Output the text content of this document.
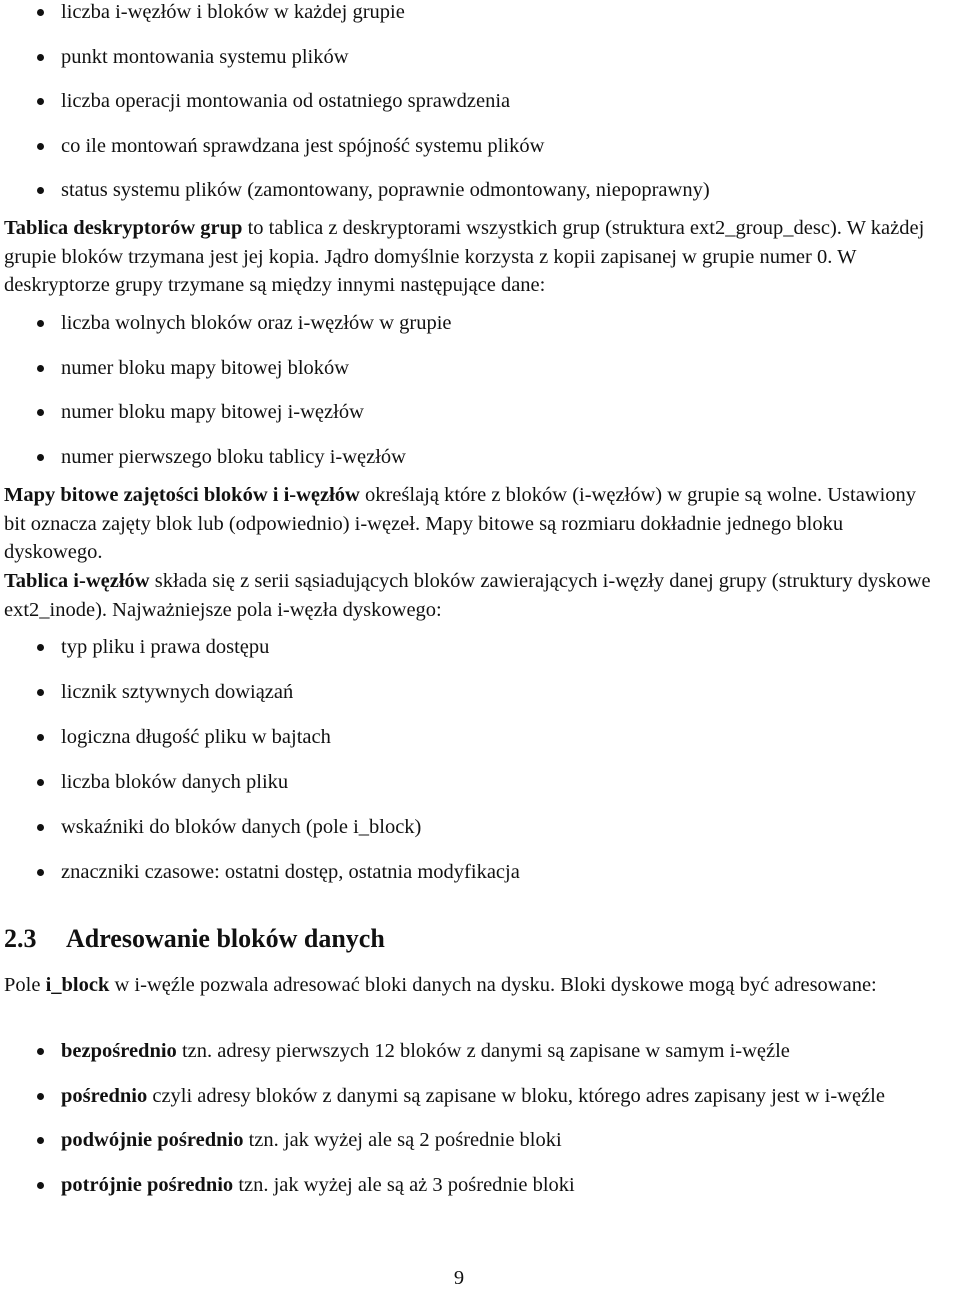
liczba i-węzłów i bloków w każdej grupie
punkt montowania systemu plików
liczba operacji montowania od ostatniego sprawdzenia
co ile montowań sprawdzana jest spójność systemu plików
status systemu plików (zamontowany, poprawnie odmontowany, niepoprawny)

Tablica deskryptorów grup to tablica z deskryptorami wszystkich grup (struktura ext2_group_desc). W każdej grupie bloków trzymana jest jej kopia. Jądro domyślnie korzysta z kopii zapisanej w grupie numer 0. W deskryptorze grupy trzymane są między innymi następujące dane:

liczba wolnych bloków oraz i-węzłów w grupie
numer bloku mapy bitowej bloków
numer bloku mapy bitowej i-węzłów
numer pierwszego bloku tablicy i-węzłów

Mapy bitowe zajętości bloków i i-węzłów określają które z bloków (i-węzłów) w grupie są wolne. Ustawiony bit oznacza zajęty blok lub (odpowiednio) i-węzeł. Mapy bitowe są rozmiaru dokładnie jednego bloku dyskowego.

Tablica i-węzłów składa się z serii sąsiadujących bloków zawierających i-węzły danej grupy (struktury dyskowe ext2_inode). Najważniejsze pola i-węzła dyskowego:

typ pliku i prawa dostępu
licznik sztywnych dowiązań
logiczna długość pliku w bajtach
liczba bloków danych pliku
wskaźniki do bloków danych (pole i_block)
znaczniki czasowe: ostatni dostęp, ostatnia modyfikacja
2.3 Adresowanie bloków danych

Pole i_block w i-węźle pozwala adresować bloki danych na dysku. Bloki dyskowe mogą być adresowane:

bezpośrednio tzn. adresy pierwszych 12 bloków z danymi są zapisane w samym i-węźle
pośrednio czyli adresy bloków z danymi są zapisane w bloku, którego adres zapisany jest w i-węźle
podwójnie pośrednio tzn. jak wyżej ale są 2 pośrednie bloki
potrójnie pośrednio tzn. jak wyżej ale są aż 3 pośrednie bloki
9
